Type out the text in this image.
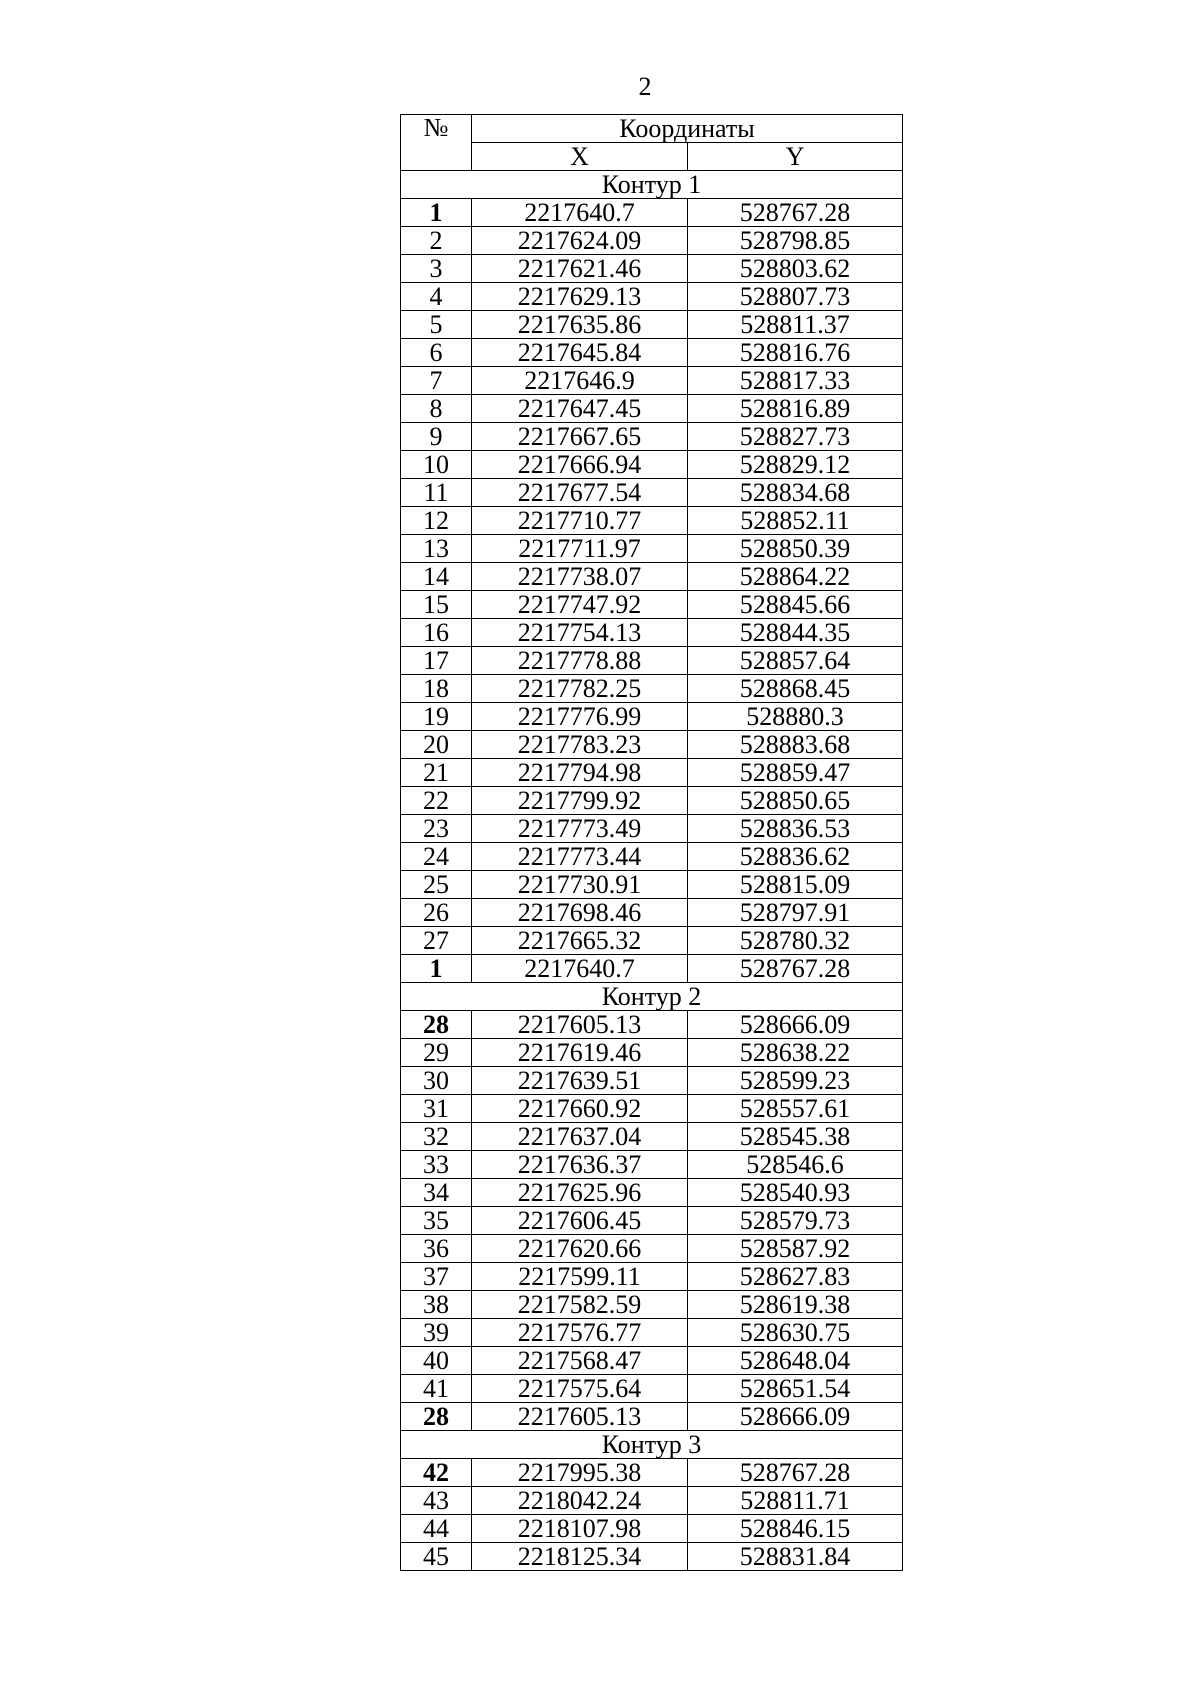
2
№	Координаты	
	X	Y
Контур 1		
1	2217640.7	528767.28
2	2217624.09	528798.85
3	2217621.46	528803.62
4	2217629.13	528807.73
5	2217635.86	528811.37
6	2217645.84	528816.76
7	2217646.9	528817.33
8	2217647.45	528816.89
9	2217667.65	528827.73
10	2217666.94	528829.12
11	2217677.54	528834.68
12	2217710.77	528852.11
13	2217711.97	528850.39
14	2217738.07	528864.22
15	2217747.92	528845.66
16	2217754.13	528844.35
17	2217778.88	528857.64
18	2217782.25	528868.45
19	2217776.99	528880.3
20	2217783.23	528883.68
21	2217794.98	528859.47
22	2217799.92	528850.65
23	2217773.49	528836.53
24	2217773.44	528836.62
25	2217730.91	528815.09
26	2217698.46	528797.91
27	2217665.32	528780.32
1	2217640.7	528767.28
Контур 2		
28	2217605.13	528666.09
29	2217619.46	528638.22
30	2217639.51	528599.23
31	2217660.92	528557.61
32	2217637.04	528545.38
33	2217636.37	528546.6
34	2217625.96	528540.93
35	2217606.45	528579.73
36	2217620.66	528587.92
37	2217599.11	528627.83
38	2217582.59	528619.38
39	2217576.77	528630.75
40	2217568.47	528648.04
41	2217575.64	528651.54
28	2217605.13	528666.09
Контур 3		
42	2217995.38	528767.28
43	2218042.24	528811.71
44	2218107.98	528846.15
45	2218125.34	528831.84
